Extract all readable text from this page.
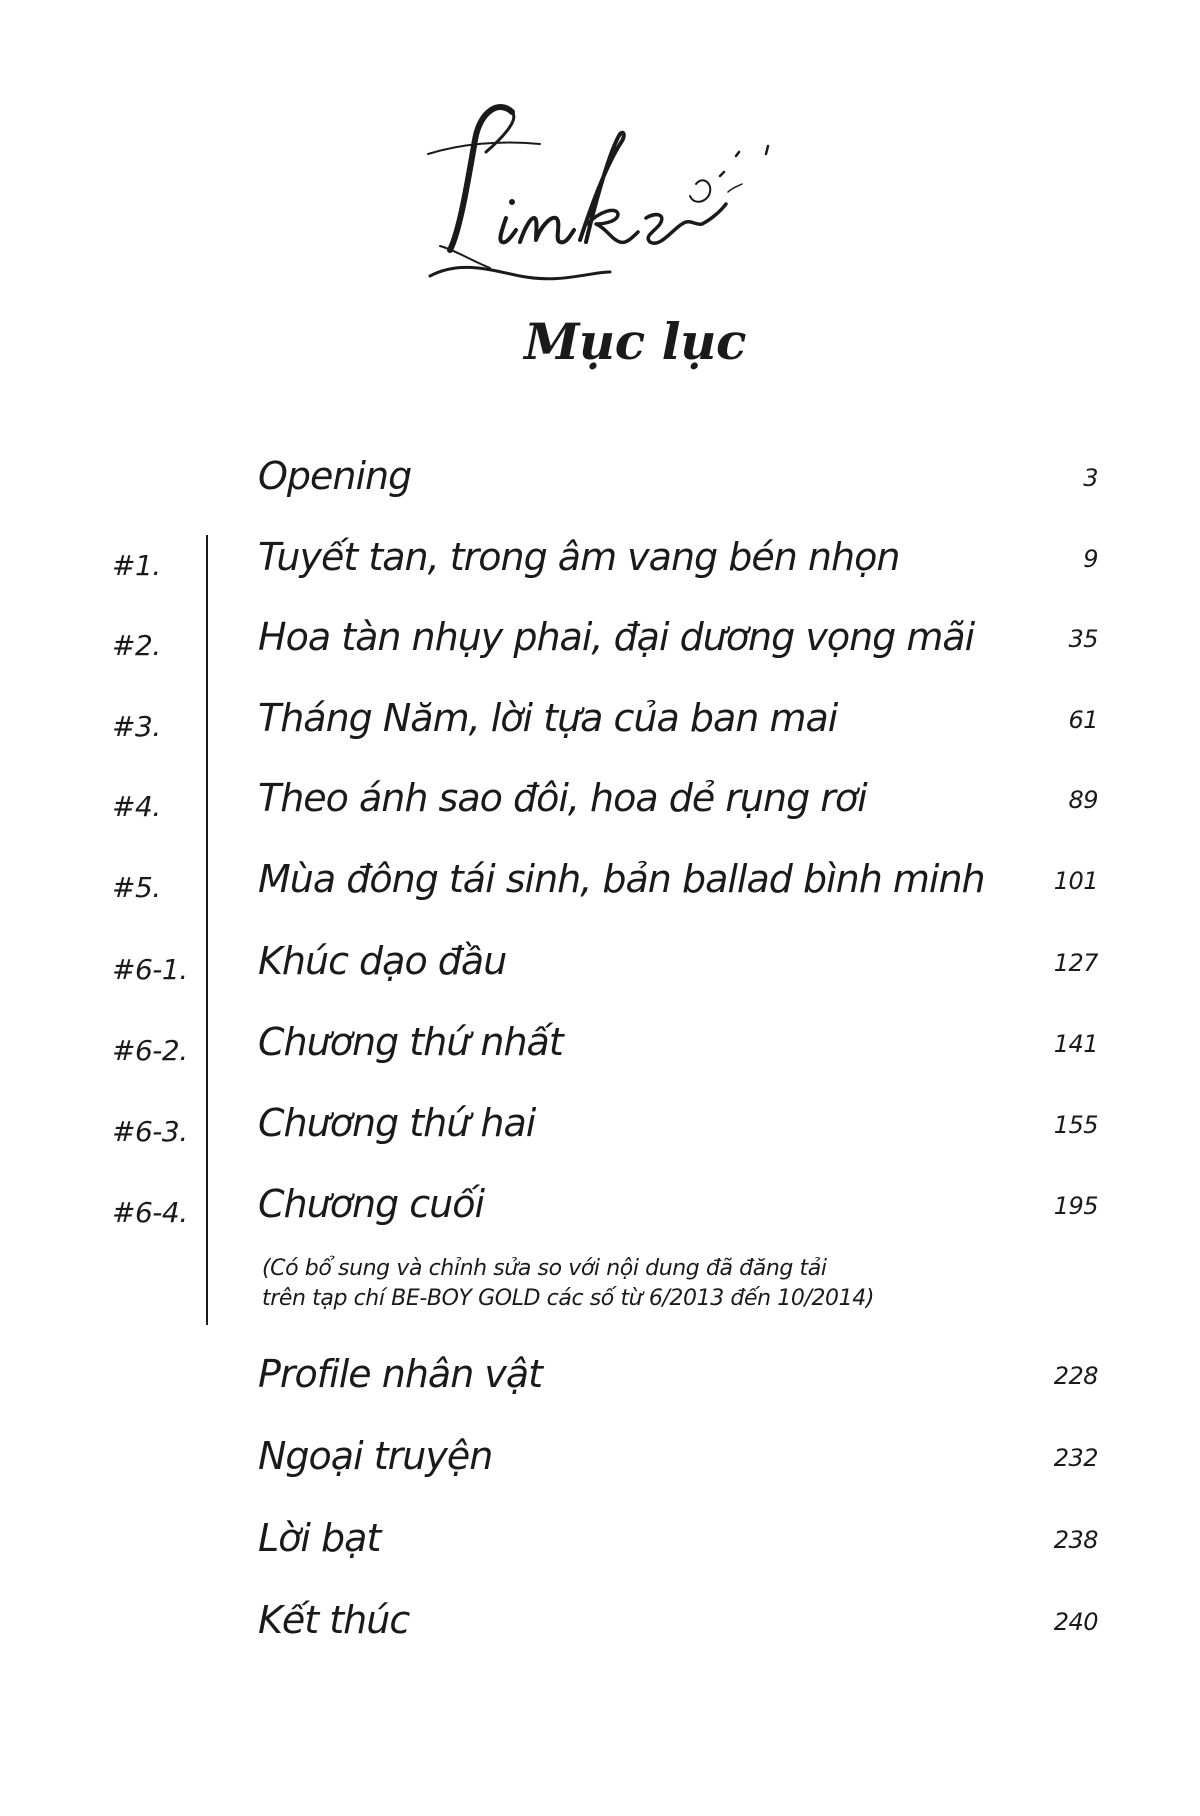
Mục lục
Opening	3
#1.	Tuyết tan, trong âm vang bén nhọn	9
#2.	Hoa tàn nhụy phai, đại dương vọng mãi	35
#3.	Tháng Năm, lời tựa của ban mai	61
#4.	Theo ánh sao đôi, hoa dẻ rụng rơi	89
#5.	Mùa đông tái sinh, bản ballad bình minh	101
#6-1. Khúc dạo đầu	127
#6-2. Chương thứ nhất	141
#6-3. Chương thứ hai	155
#6-4. Chương cuối	195
(Có bổ sung và chỉnh sửa so với nội dung đã đăng tải
trên tạp chí BE-BOY GOLD các số từ 6/2013 đến 10/2014)
Profile nhân vật	228
Ngoại truyện	232
Lời bạt	238
Kết thúc	240
